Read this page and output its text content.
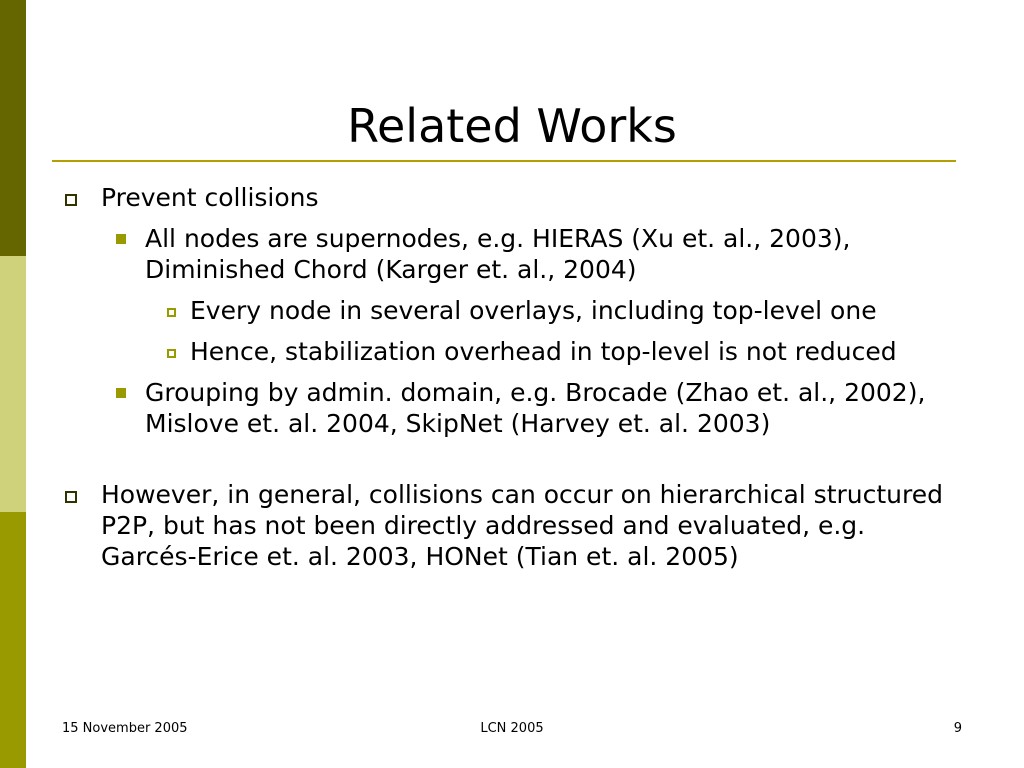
Related Works
Prevent collisions
All nodes are supernodes, e.g. HIERAS (Xu et. al., 2003), Diminished Chord (Karger et. al., 2004)
Every node in several overlays, including top-level one
Hence, stabilization overhead in top-level is not reduced
Grouping by admin. domain, e.g. Brocade (Zhao et. al., 2002), Mislove et. al. 2004, SkipNet (Harvey et. al. 2003)
However, in general, collisions can occur on hierarchical structured P2P, but has not been directly addressed and evaluated, e.g. Garcés-Erice et. al. 2003, HONet (Tian et. al. 2005)
15 November 2005	LCN 2005	9
